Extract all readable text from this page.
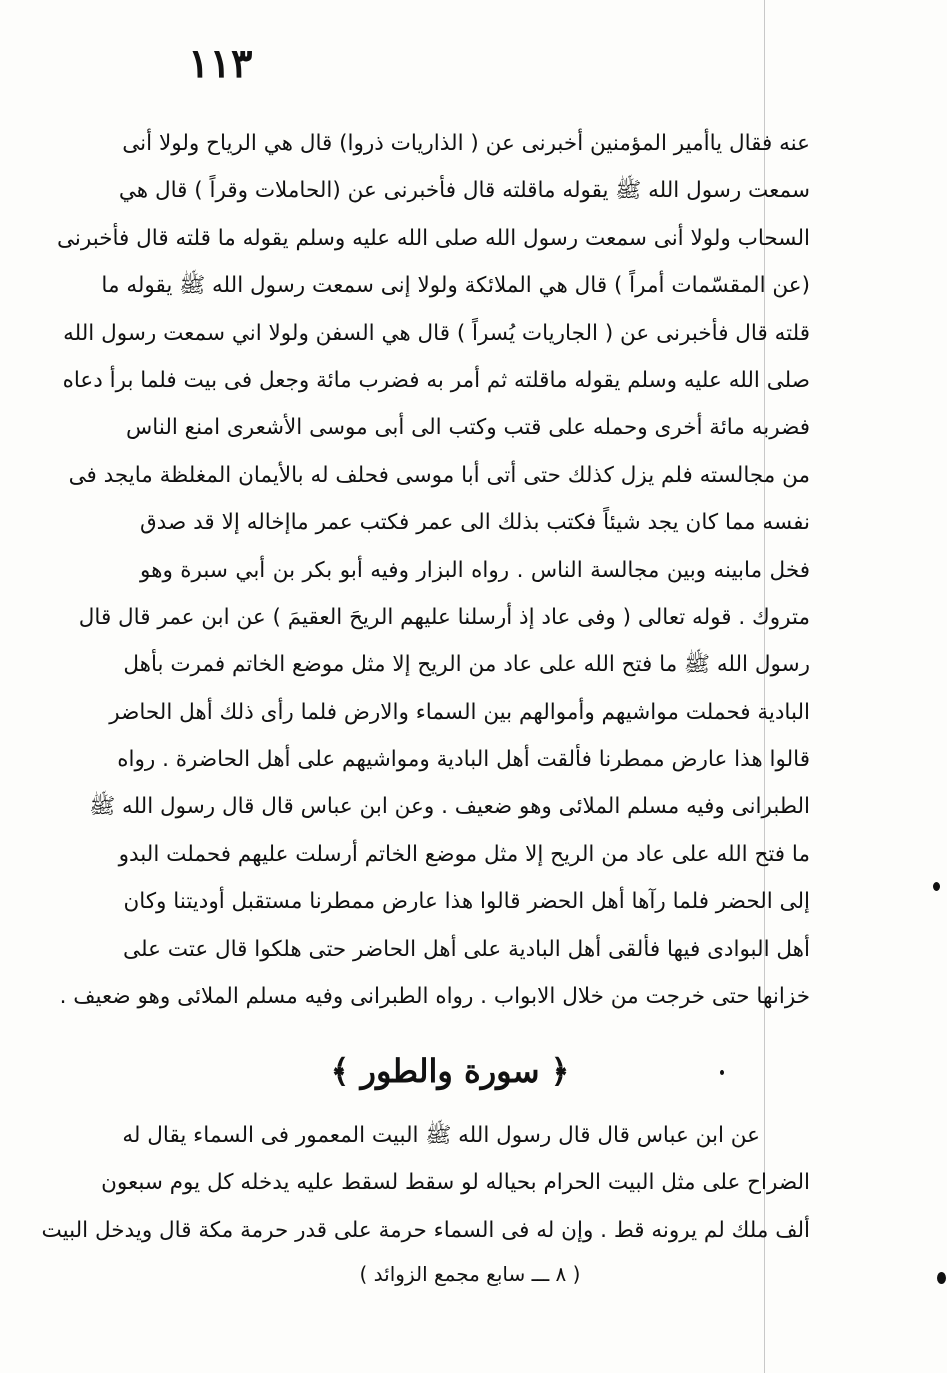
١١٣
عنه فقال ياأمير المؤمنين أخبرنى عن ( الذاريات ذروا) قال هي الرياح ولولا أنى
سمعت رسول الله ﷺ يقوله ماقلته قال فأخبرنى عن (الحاملات وقراً ) قال هي
السحاب ولولا أنى سمعت رسول الله صلى الله عليه وسلم يقوله ما قلته قال فأخبرنى
(عن المقسّمات أمراً ) قال هي الملائكة ولولا إنى سمعت رسول الله ﷺ يقوله ما
قلته قال فأخبرنى عن ( الجاريات يُسراً ) قال هي السفن ولولا اني سمعت رسول الله
صلى الله عليه وسلم يقوله ماقلته ثم أمر به فضرب مائة وجعل فى بيت فلما برأ دعاه
فضربه مائة أخرى وحمله على قتب وكتب الى أبى موسى الأشعرى امنع الناس
من مجالسته فلم يزل كذلك حتى أتى أبا موسى فحلف له بالأيمان المغلظة مايجد فى
نفسه مما كان يجد شيئاً فكتب بذلك الى عمر فكتب عمر ماإخاله إلا قد صدق
فخل مابينه وبين مجالسة الناس . رواه البزار وفيه أبو بكر بن أبي سبرة وهو
متروك . قوله تعالى ( وفى عاد إذ أرسلنا عليهم الريحَ العقيمَ ) عن ابن عمر قال قال
رسول الله ﷺ ما فتح الله على عاد من الريح إلا مثل موضع الخاتم فمرت بأهل
البادية فحملت مواشيهم وأموالهم بين السماء والارض فلما رأى ذلك أهل الحاضر
قالوا هذا عارض ممطرنا فألقت أهل البادية ومواشيهم على أهل الحاضرة . رواه
الطبرانى وفيه مسلم الملائى وهو ضعيف . وعن ابن عباس قال قال رسول الله ﷺ
ما فتح الله على عاد من الريح إلا مثل موضع الخاتم أرسلت عليهم فحملت البدو
إلى الحضر فلما رآها أهل الحضر قالوا هذا عارض ممطرنا مستقبل أوديتنا وكان
أهل البوادى فيها فألقى أهل البادية على أهل الحاضر حتى هلكوا قال عتت على
خزانها حتى خرجت من خلال الابواب . رواه الطبرانى وفيه مسلم الملائى وهو ضعيف .
﴿ سورة والطور ﴾
عن ابن عباس قال قال رسول الله ﷺ البيت المعمور فى السماء يقال له
الضراح على مثل البيت الحرام بحياله لو سقط لسقط عليه يدخله كل يوم سبعون
ألف ملك لم يرونه قط . وإن له فى السماء حرمة على قدر حرمة مكة قال ويدخل البيت
( ٨ ـــ سابع مجمع الزوائد )
